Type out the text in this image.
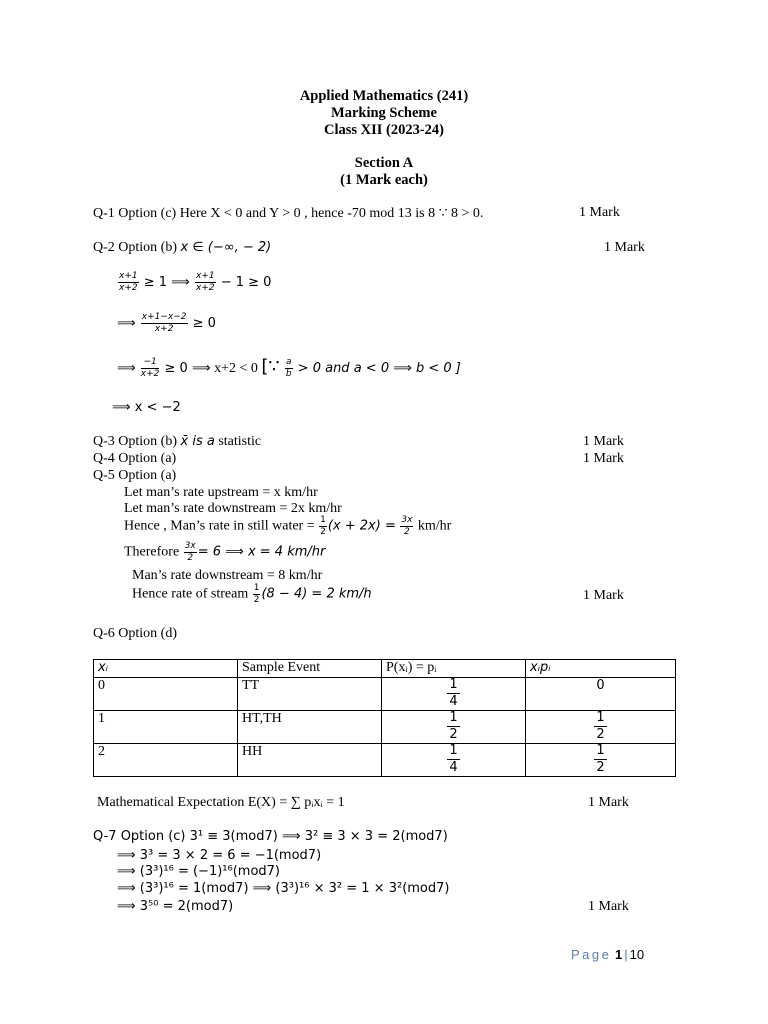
Applied Mathematics (241)
Marking Scheme
Class XII (2023-24)
Section A
(1 Mark each)
Q-1 Option (c) Here X < 0 and Y > 0 , hence -70 mod 13 is 8 ∵ 8 > 0.	1 Mark
Q-2 Option (b) x ∈ (−∞, − 2)	1 Mark
$\frac{x+1}{x+2} \ge 1$ ⟹ $\frac{x+1}{x+2} - 1 \ge 0$
⟹ $\frac{x+1-x-2}{x+2} \ge 0$
⟹ $\frac{-1}{x+2} \ge 0$ ⟹ x+2 < 0 [∵ $\frac{a}{b} > 0$ and a < 0 ⟹ b < 0 ]
⟹ x < −2
Q-3 Option (b) x̄ is a statistic	1 Mark
Q-4 Option (a)	1 Mark
Q-5 Option (a)
Let man’s rate upstream = x km/hr
Let man’s rate downstream = 2x km/hr
Hence , Man’s rate in still water = $\frac{1}{2} (x + 2x) = \frac{3x}{2} km/hr$
Therefore $\frac{3x}{2} = 6$ ⟹ x = 4 km/hr
Man’s rate downstream = 8 km/hr
Hence rate of stream $\frac{1}{2} (8 - 4) = 2$ km/h	1 Mark
Q-6 Option (d)
xᵢ	Sample Event	P(xᵢ) = pᵢ	xᵢpᵢ
0	TT	$\frac{1}{4}$	0
1	HT,TH	$\frac{1}{2}$	$\frac{1}{2}$

2	HH	$\frac{1}{4}$	$\frac{1}{2}$
Mathematical Expectation E(X) = ∑ pᵢxᵢ = 1	1 Mark
Q-7 Option (c) 3¹ ≡ 3(mod7) ⟹ 3² ≡ 3 × 3 = 2(mod7)
⟹ 3³ = 3 × 2 = 6 = −1(mod7)
⟹ (3³)¹⁶ = (−1)¹⁶(mod7)
⟹ (3³)¹⁶ = 1(mod7) ⟹ (3³)¹⁶ × 3² = 1 × 3²(mod7)
⟹ 3⁵⁰ = 2(mod7)	1 Mark
Page 1 | 10
